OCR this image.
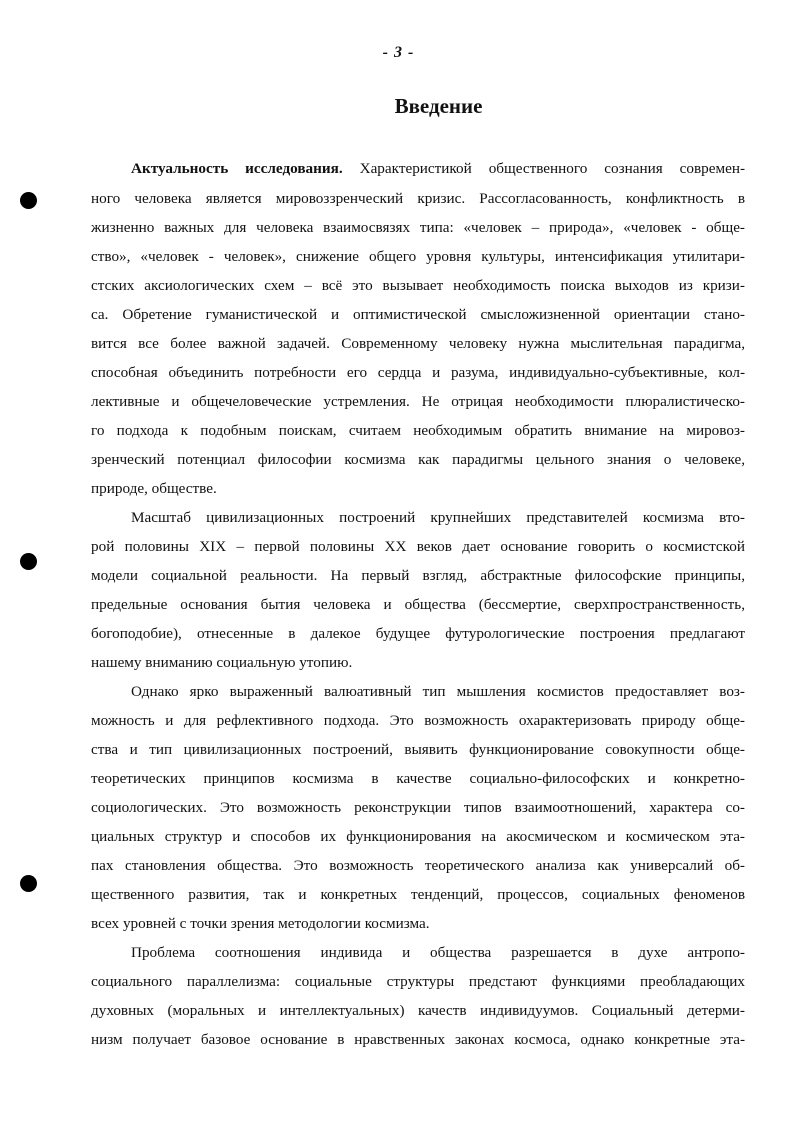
- 3 -
Введение
Актуальность исследования. Характеристикой общественного сознания современ-
ного человека является мировоззренческий кризис. Рассогласованность, конфликтность в
жизненно важных для человека взаимосвязях типа: «человек – природа», «человек - обще-
ство», «человек - человек», снижение общего уровня культуры, интенсификация утилитари-
стских аксиологических схем – всё это вызывает необходимость поиска выходов из кризи-
са. Обретение гуманистической и оптимистической смысложизненной ориентации стано-
вится все более важной задачей. Современному человеку нужна мыслительная парадигма,
способная объединить потребности его сердца и разума, индивидуально-субъективные, кол-
лективные и общечеловеческие устремления. Не отрицая необходимости плюралистическо-
го подхода к подобным поискам, считаем необходимым обратить внимание на мировоз-
зренческий потенциал философии космизма как парадигмы цельного знания о человеке,
природе, обществе.
Масштаб цивилизационных построений крупнейших представителей космизма вто-
рой половины XIX – первой половины XX веков дает основание говорить о космистской
модели социальной реальности. На первый взгляд, абстрактные философские принципы,
предельные основания бытия человека и общества (бессмертие, сверхпространственность,
богоподобие), отнесенные в далекое будущее футурологические построения предлагают
нашему вниманию социальную утопию.
Однако ярко выраженный валюативный тип мышления космистов предоставляет воз-
можность и для рефлективного подхода. Это возможность охарактеризовать природу обще-
ства и тип цивилизационных построений, выявить функционирование совокупности обще-
теоретических принципов космизма в качестве социально-философских и конкретно-
социологических. Это возможность реконструкции типов взаимоотношений, характера со-
циальных структур и способов их функционирования на акосмическом и космическом эта-
пах становления общества. Это возможность теоретического анализа как универсалий об-
щественного развития, так и конкретных тенденций, процессов, социальных феноменов
всех уровней с точки зрения методологии космизма.
Проблема соотношения индивида и общества разрешается в духе антропо-
социального параллелизма: социальные структуры предстают функциями преобладающих
духовных (моральных и интеллектуальных) качеств индивидуумов. Социальный детерми-
низм получает базовое основание в нравственных законах космоса, однако конкретные эта-
